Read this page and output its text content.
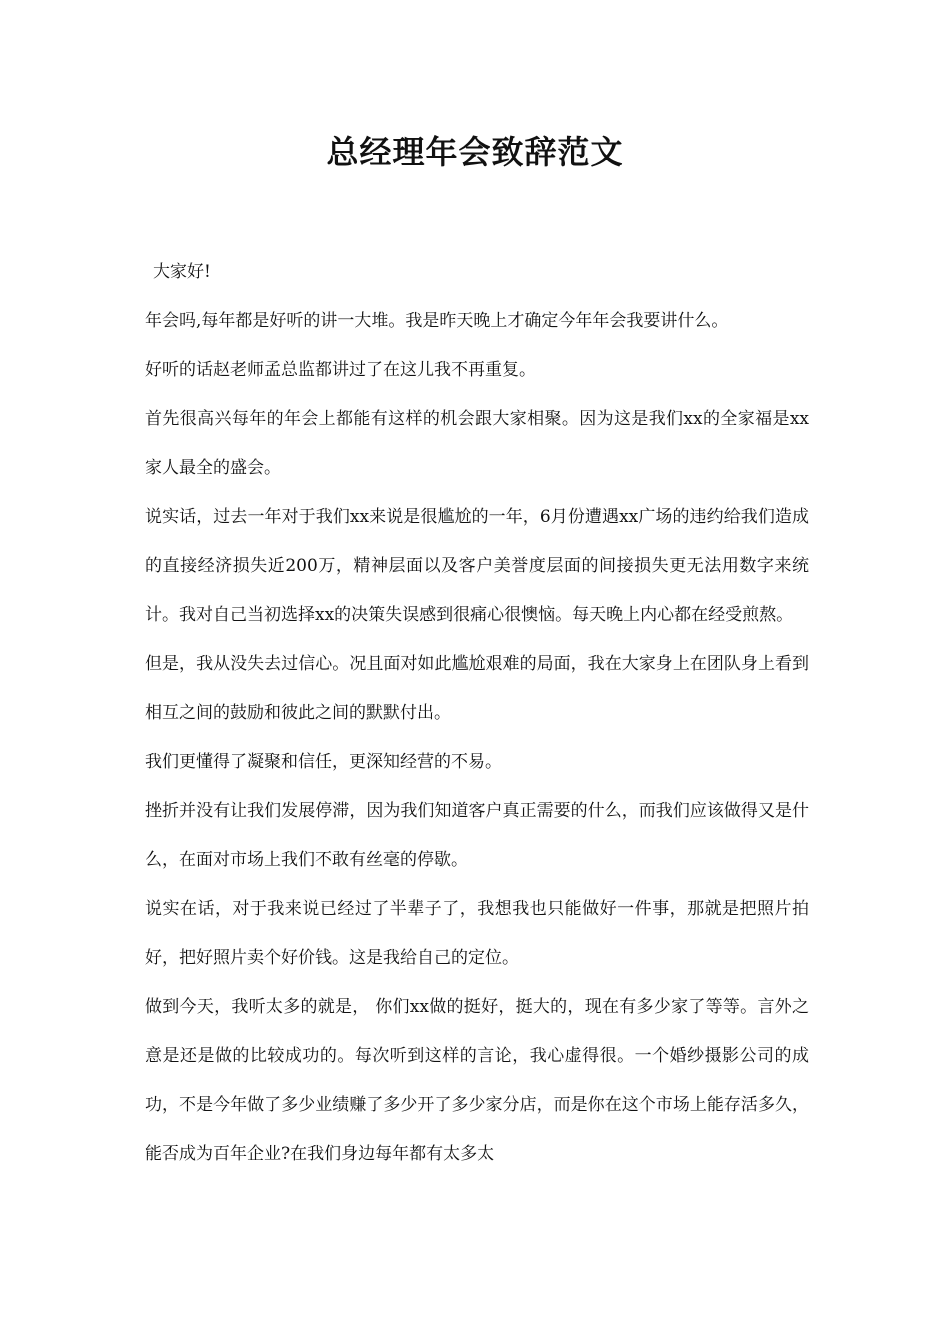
总经理年会致辞范文

大家好!

年会吗,每年都是好听的讲一大堆。我是昨天晚上才确定今年年会我要讲什么。

好听的话赵老师孟总监都讲过了在这儿我不再重复。

首先很高兴每年的年会上都能有这样的机会跟大家相聚。因为这是我们xx的全家福是xx家人最全的盛会。

说实话，过去一年对于我们xx来说是很尴尬的一年，6月份遭遇xx广场的违约给我们造成的直接经济损失近200万，精神层面以及客户美誉度层面的间接损失更无法用数字来统计。我对自己当初选择xx的决策失误感到很痛心很懊恼。每天晚上内心都在经受煎熬。

但是，我从没失去过信心。况且面对如此尴尬艰难的局面，我在大家身上在团队身上看到相互之间的鼓励和彼此之间的默默付出。

我们更懂得了凝聚和信任，更深知经营的不易。

挫折并没有让我们发展停滞，因为我们知道客户真正需要的什么，而我们应该做得又是什么，在面对市场上我们不敢有丝毫的停歇。

说实在话，对于我来说已经过了半辈子了，我想我也只能做好一件事，那就是把照片拍好，把好照片卖个好价钱。这是我给自己的定位。

做到今天，我听太多的就是， 你们xx做的挺好，挺大的，现在有多少家了等等。言外之意是还是做的比较成功的。每次听到这样的言论，我心虚得很。一个婚纱摄影公司的成功，不是今年做了多少业绩赚了多少开了多少家分店，而是你在这个市场上能存活多久，能否成为百年企业?在我们身边每年都有太多太
